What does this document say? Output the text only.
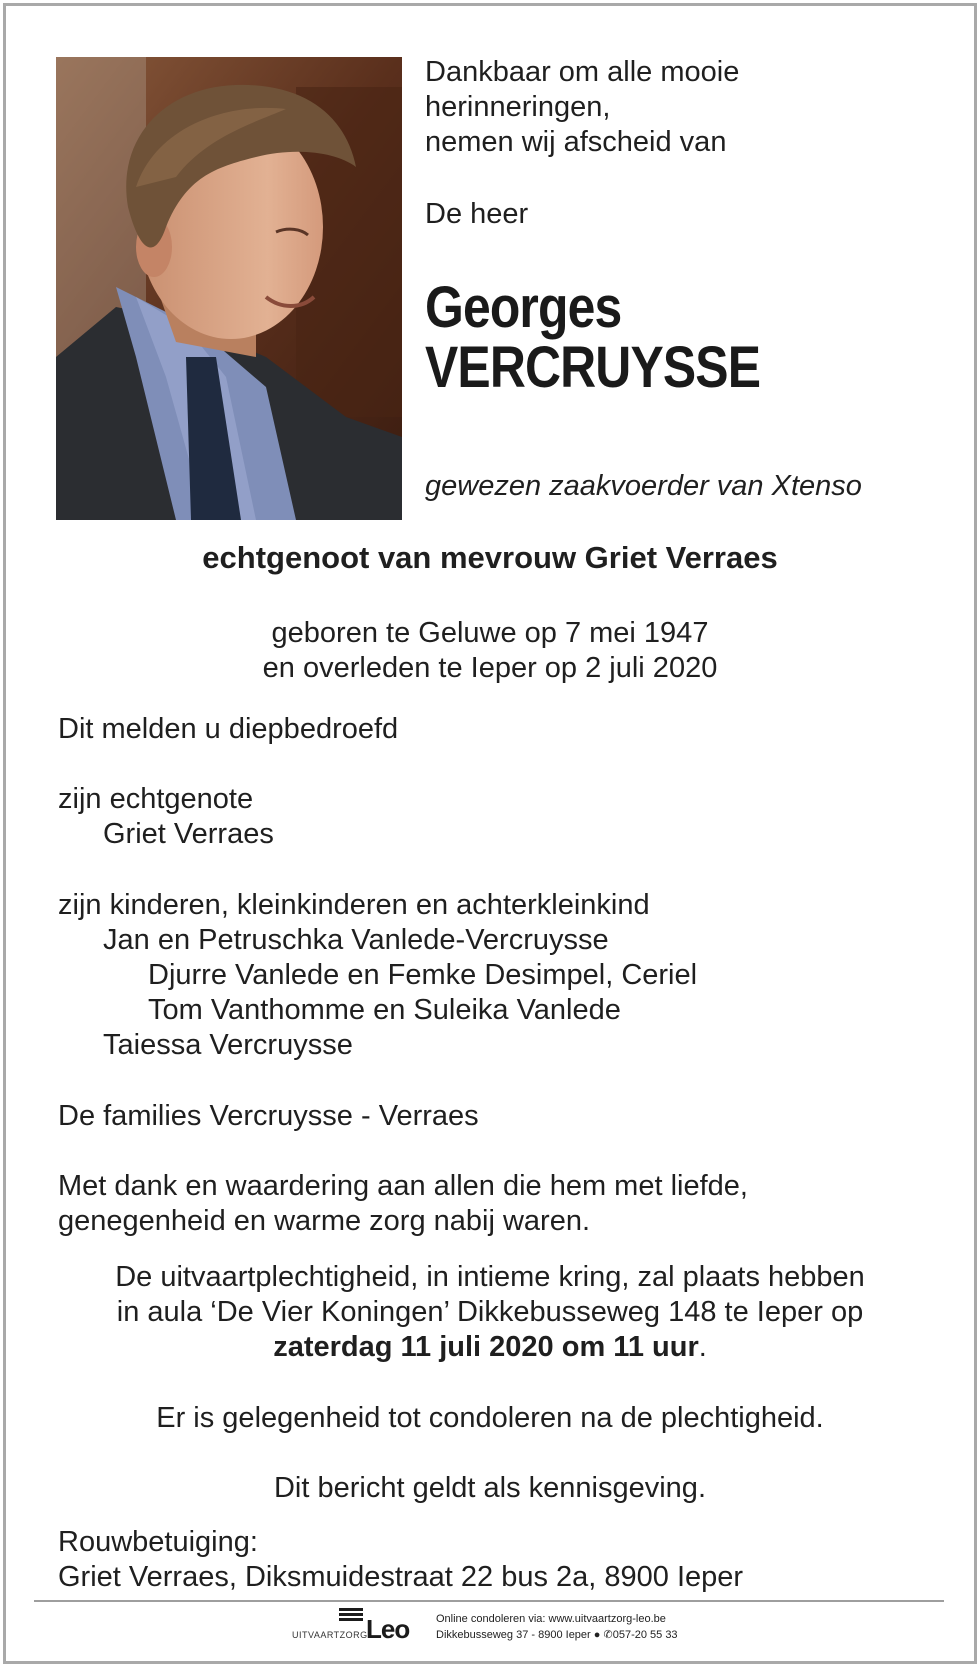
Dankbaar om alle mooie
herinneringen,
nemen wij afscheid van
De heer
Georges
VERCRUYSSE
gewezen zaakvoerder van Xtenso
echtgenoot van mevrouw Griet Verraes
geboren te Geluwe op 7 mei 1947
en overleden te Ieper op 2 juli 2020
Dit melden u diepbedroefd
zijn echtgenote
Griet Verraes
zijn kinderen, kleinkinderen en achterkleinkind
Jan en Petruschka Vanlede-Vercruysse
Djurre Vanlede en Femke Desimpel, Ceriel
Tom Vanthomme en Suleika Vanlede
Taiessa Vercruysse
De families Vercruysse - Verraes
Met dank en waardering aan allen die hem met liefde,
genegenheid en warme zorg nabij waren.
De uitvaartplechtigheid, in intieme kring, zal plaats hebben
in aula ‘De Vier Koningen’ Dikkebusseweg 148 te Ieper op
zaterdag 11 juli 2020 om 11 uur.
Er is gelegenheid tot condoleren na de plechtigheid.
Dit bericht geldt als kennisgeving.
Rouwbetuiging:
Griet Verraes, Diksmuidestraat 22 bus 2a, 8900 Ieper
UITVAARTZORG
Leo Online condoleren via: www.uitvaartzorg-leo.be
Dikkebusseweg 37 - 8900 Ieper ● ✆057-20 55 33
